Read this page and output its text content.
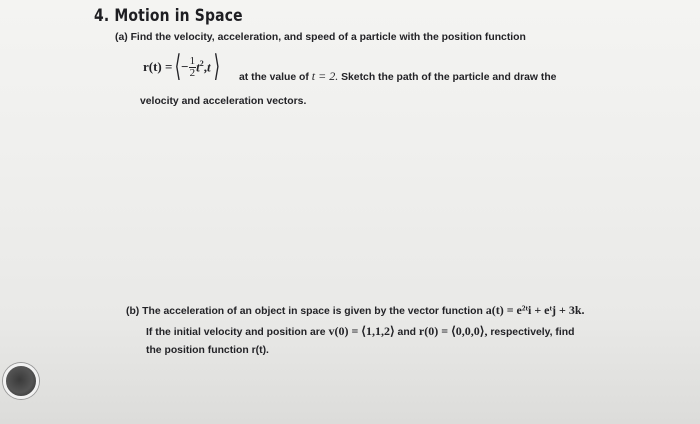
4. Motion in Space
(a) Find the velocity, acceleration, and speed of a particle with the position function
r(t) = ⟨ − $\frac{1}{2} t^2,t$ ⟩ at the value of t = 2. Sketch the path of the particle and draw the
velocity and acceleration vectors.

(b) The acceleration of an object in space is given by the vector function a(t) = e²ᵗi + eᵗj + 3k.
If the initial velocity and position are v(0) = ⟨1,1,2⟩ and r(0) = ⟨0,0,0⟩, respectively, find
the position function r(t).
